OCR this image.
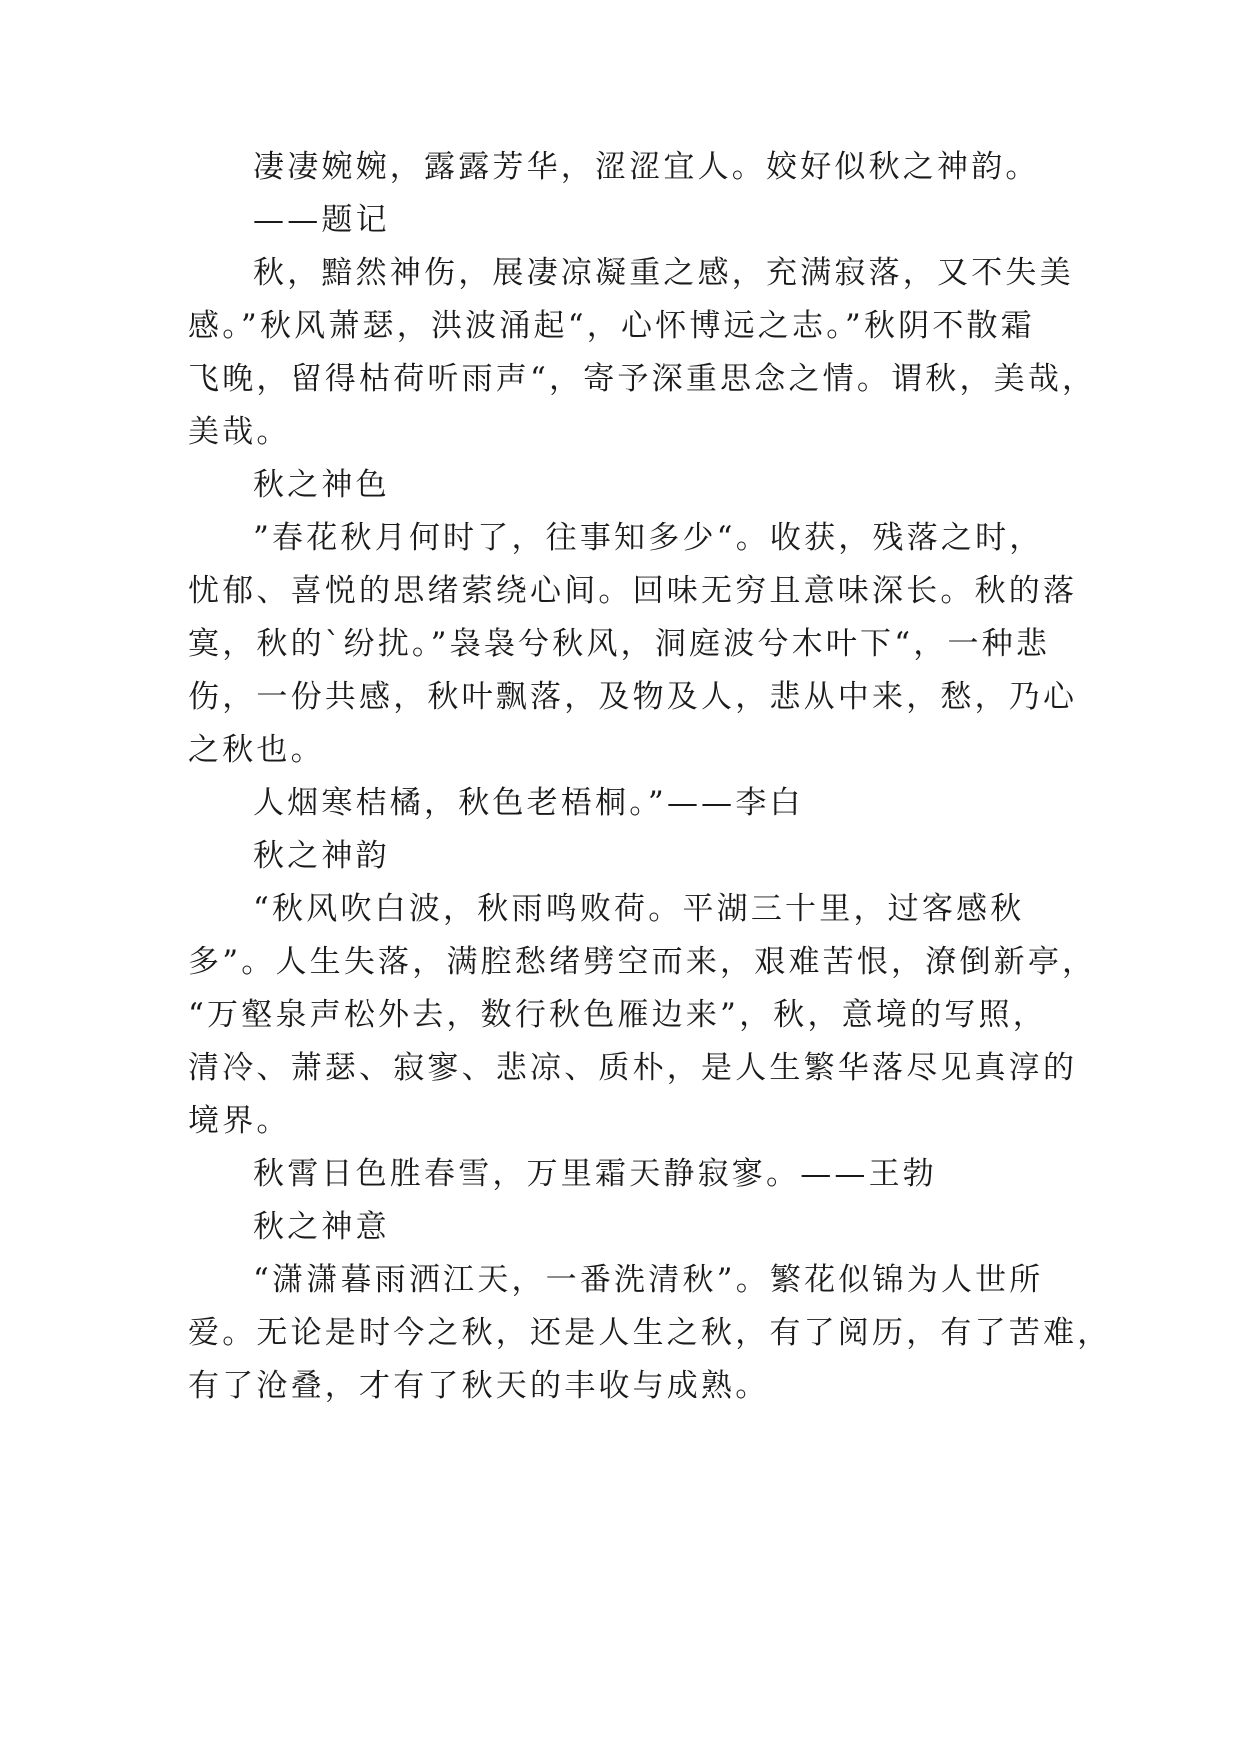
凄凄婉婉，露露芳华，涩涩宜人。姣好似秋之神韵。
——题记
秋，黯然神伤，展凄凉凝重之感，充满寂落，又不失美
感。”秋风萧瑟，洪波涌起“，心怀博远之志。”秋阴不散霜
飞晚，留得枯荷听雨声“，寄予深重思念之情。谓秋，美哉，
美哉。
秋之神色
”春花秋月何时了，往事知多少“。收获，残落之时，
忧郁、喜悦的思绪萦绕心间。回味无穷且意味深长。秋的落
寞，秋的`纷扰。”袅袅兮秋风，洞庭波兮木叶下“，一种悲
伤，一份共感，秋叶飘落，及物及人，悲从中来，愁，乃心
之秋也。
人烟寒桔橘，秋色老梧桐。”——李白
秋之神韵
“秋风吹白波，秋雨鸣败荷。平湖三十里，过客感秋
多”。人生失落，满腔愁绪劈空而来，艰难苦恨，潦倒新亭，
“万壑泉声松外去，数行秋色雁边来”，秋，意境的写照，
清冷、萧瑟、寂寥、悲凉、质朴，是人生繁华落尽见真淳的
境界。
秋霄日色胜春雪，万里霜天静寂寥。——王勃
秋之神意
“潇潇暮雨洒江天，一番洗清秋”。繁花似锦为人世所
爱。无论是时今之秋，还是人生之秋，有了阅历，有了苦难，
有了沧叠，才有了秋天的丰收与成熟。
